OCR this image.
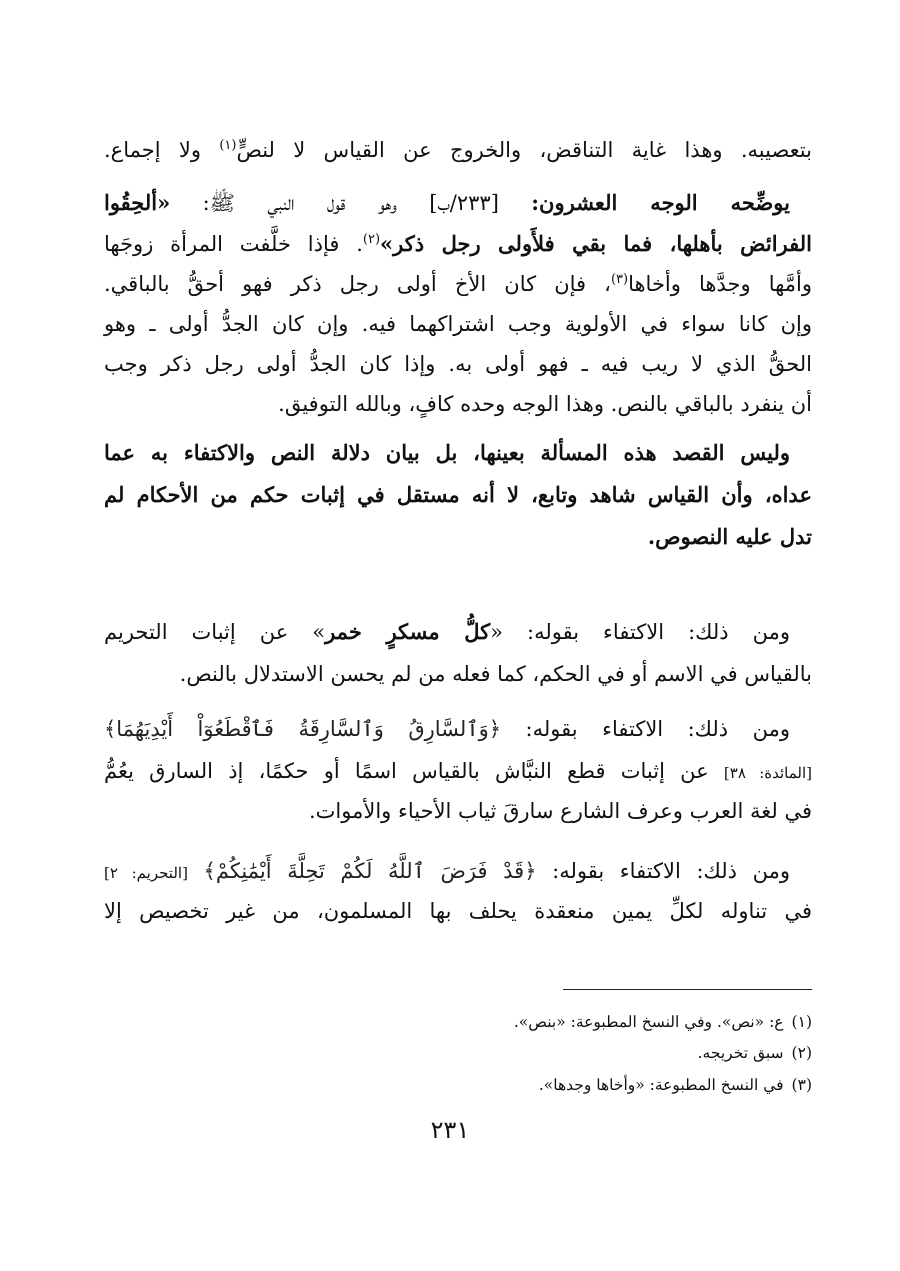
بتعصيبه. وهذا غاية التناقض، والخروج عن القياس لا لنصٍّ$^{(١)}$ ولا إجماع.
يوضِّحه الوجه العشرون: [٢٣٣/ب] وهو قول النبي ﷺ: «ألحِقُوا
الفرائض بأهلها، فما بقي فلأَولى رجل ذكر»$^{(٢)}$. فإذا خلَّفت المرأة زوجَها
وأمَّها وجدَّها وأخاها$^{(٣)}$، فإن كان الأخ أولى رجل ذكر فهو أحقُّ بالباقي.
وإن كانا سواء في الأولوية وجب اشتراكهما فيه. وإن كان الجدُّ أولى ـ وهو
الحقُّ الذي لا ريب فيه ـ فهو أولى به. وإذا كان الجدُّ أولى رجل ذكر وجب
أن ينفرد بالباقي بالنص. وهذا الوجه وحده كافٍ، وبالله التوفيق.
وليس القصد هذه المسألة بعينها، بل بيان دلالة النص والاكتفاء به عما
عداه، وأن القياس شاهد وتابع، لا أنه مستقل في إثبات حكم من الأحكام لم
تدل عليه النصوص.
ومن ذلك: الاكتفاء بقوله: «كلُّ مسكرٍ خمر» عن إثبات التحريم
بالقياس في الاسم أو في الحكم، كما فعله من لم يحسن الاستدلال بالنص.
ومن ذلك: الاكتفاء بقوله: ﴿وَٱلسَّارِقُ وَٱلسَّارِقَةُ فَٱقْطَعُوٓاْ أَيْدِيَهُمَا﴾
[المائدة: ٣٨] عن إثبات قطع النبَّاش بالقياس اسمًا أو حكمًا، إذ السارق يعُمُّ
في لغة العرب وعرف الشارع سارقَ ثياب الأحياء والأموات.
ومن ذلك: الاكتفاء بقوله: ﴿قَدْ فَرَضَ ٱللَّهُ لَكُمْ تَحِلَّةَ أَيْمَٰنِكُمْ﴾ [التحريم: ٢]
في تناوله لكلِّ يمين منعقدة يحلف بها المسلمون، من غير تخصيص إلا
(١)ع: «نص». وفي النسخ المطبوعة: «بنص».
(٢)سبق تخريجه.
(٣)في النسخ المطبوعة: «وأخاها وجدها».
٢٣١
